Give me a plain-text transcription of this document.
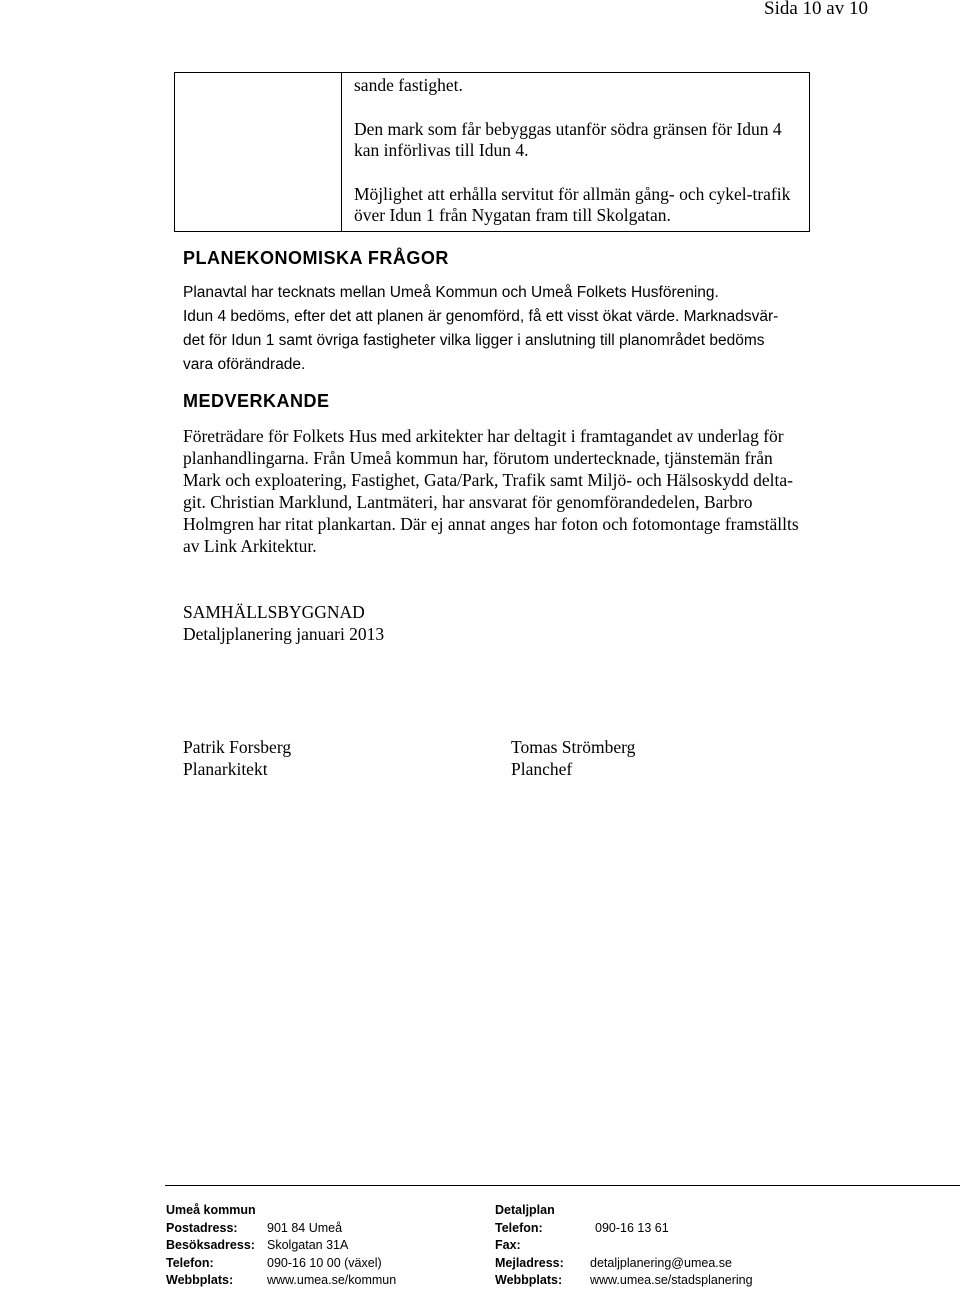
Sida 10 av 10

sande fastighet.

Den mark som får bebyggas utanför södra gränsen för Idun 4 kan införlivas till Idun 4.

Möjlighet att erhålla servitut för allmän gång- och cykel-trafik över Idun 1 från Nygatan fram till Skolgatan.

PLANEKONOMISKA FRÅGOR
Planavtal har tecknats mellan Umeå Kommun och Umeå Folkets Husförening.
Idun 4 bedöms, efter det att planen är genomförd, få ett visst ökat värde. Marknadsvär-
det för Idun 1 samt övriga fastigheter vilka ligger i anslutning till planområdet bedöms
vara oförändrade.
MEDVERKANDE
Företrädare för Folkets Hus med arkitekter har deltagit i framtagandet av underlag för
planhandlingarna. Från Umeå kommun har, förutom undertecknade, tjänstemän från
Mark och exploatering, Fastighet, Gata/Park, Trafik samt Miljö- och Hälsoskydd delta-
git. Christian Marklund, Lantmäteri, har ansvarat för genomförandedelen, Barbro
Holmgren har ritat plankartan. Där ej annat anges har foton och fotomontage framställts
av Link Arkitektur.
SAMHÄLLSBYGGNAD
Detaljplanering januari 2013
Patrik Forsberg
Planarkitekt
Tomas Strömberg
Planchef
Umeå kommun
Postadress:	901 84 Umeå
Besöksadress: Skolgatan 31A
Telefon:	090-16 10 00 (växel)
Webbplats:	www.umea.se/kommun
Detaljplan
Telefon:	090-16 13 61
Fax:
Mejladress:	detaljplanering@umea.se
Webbplats:	www.umea.se/stadsplanering
